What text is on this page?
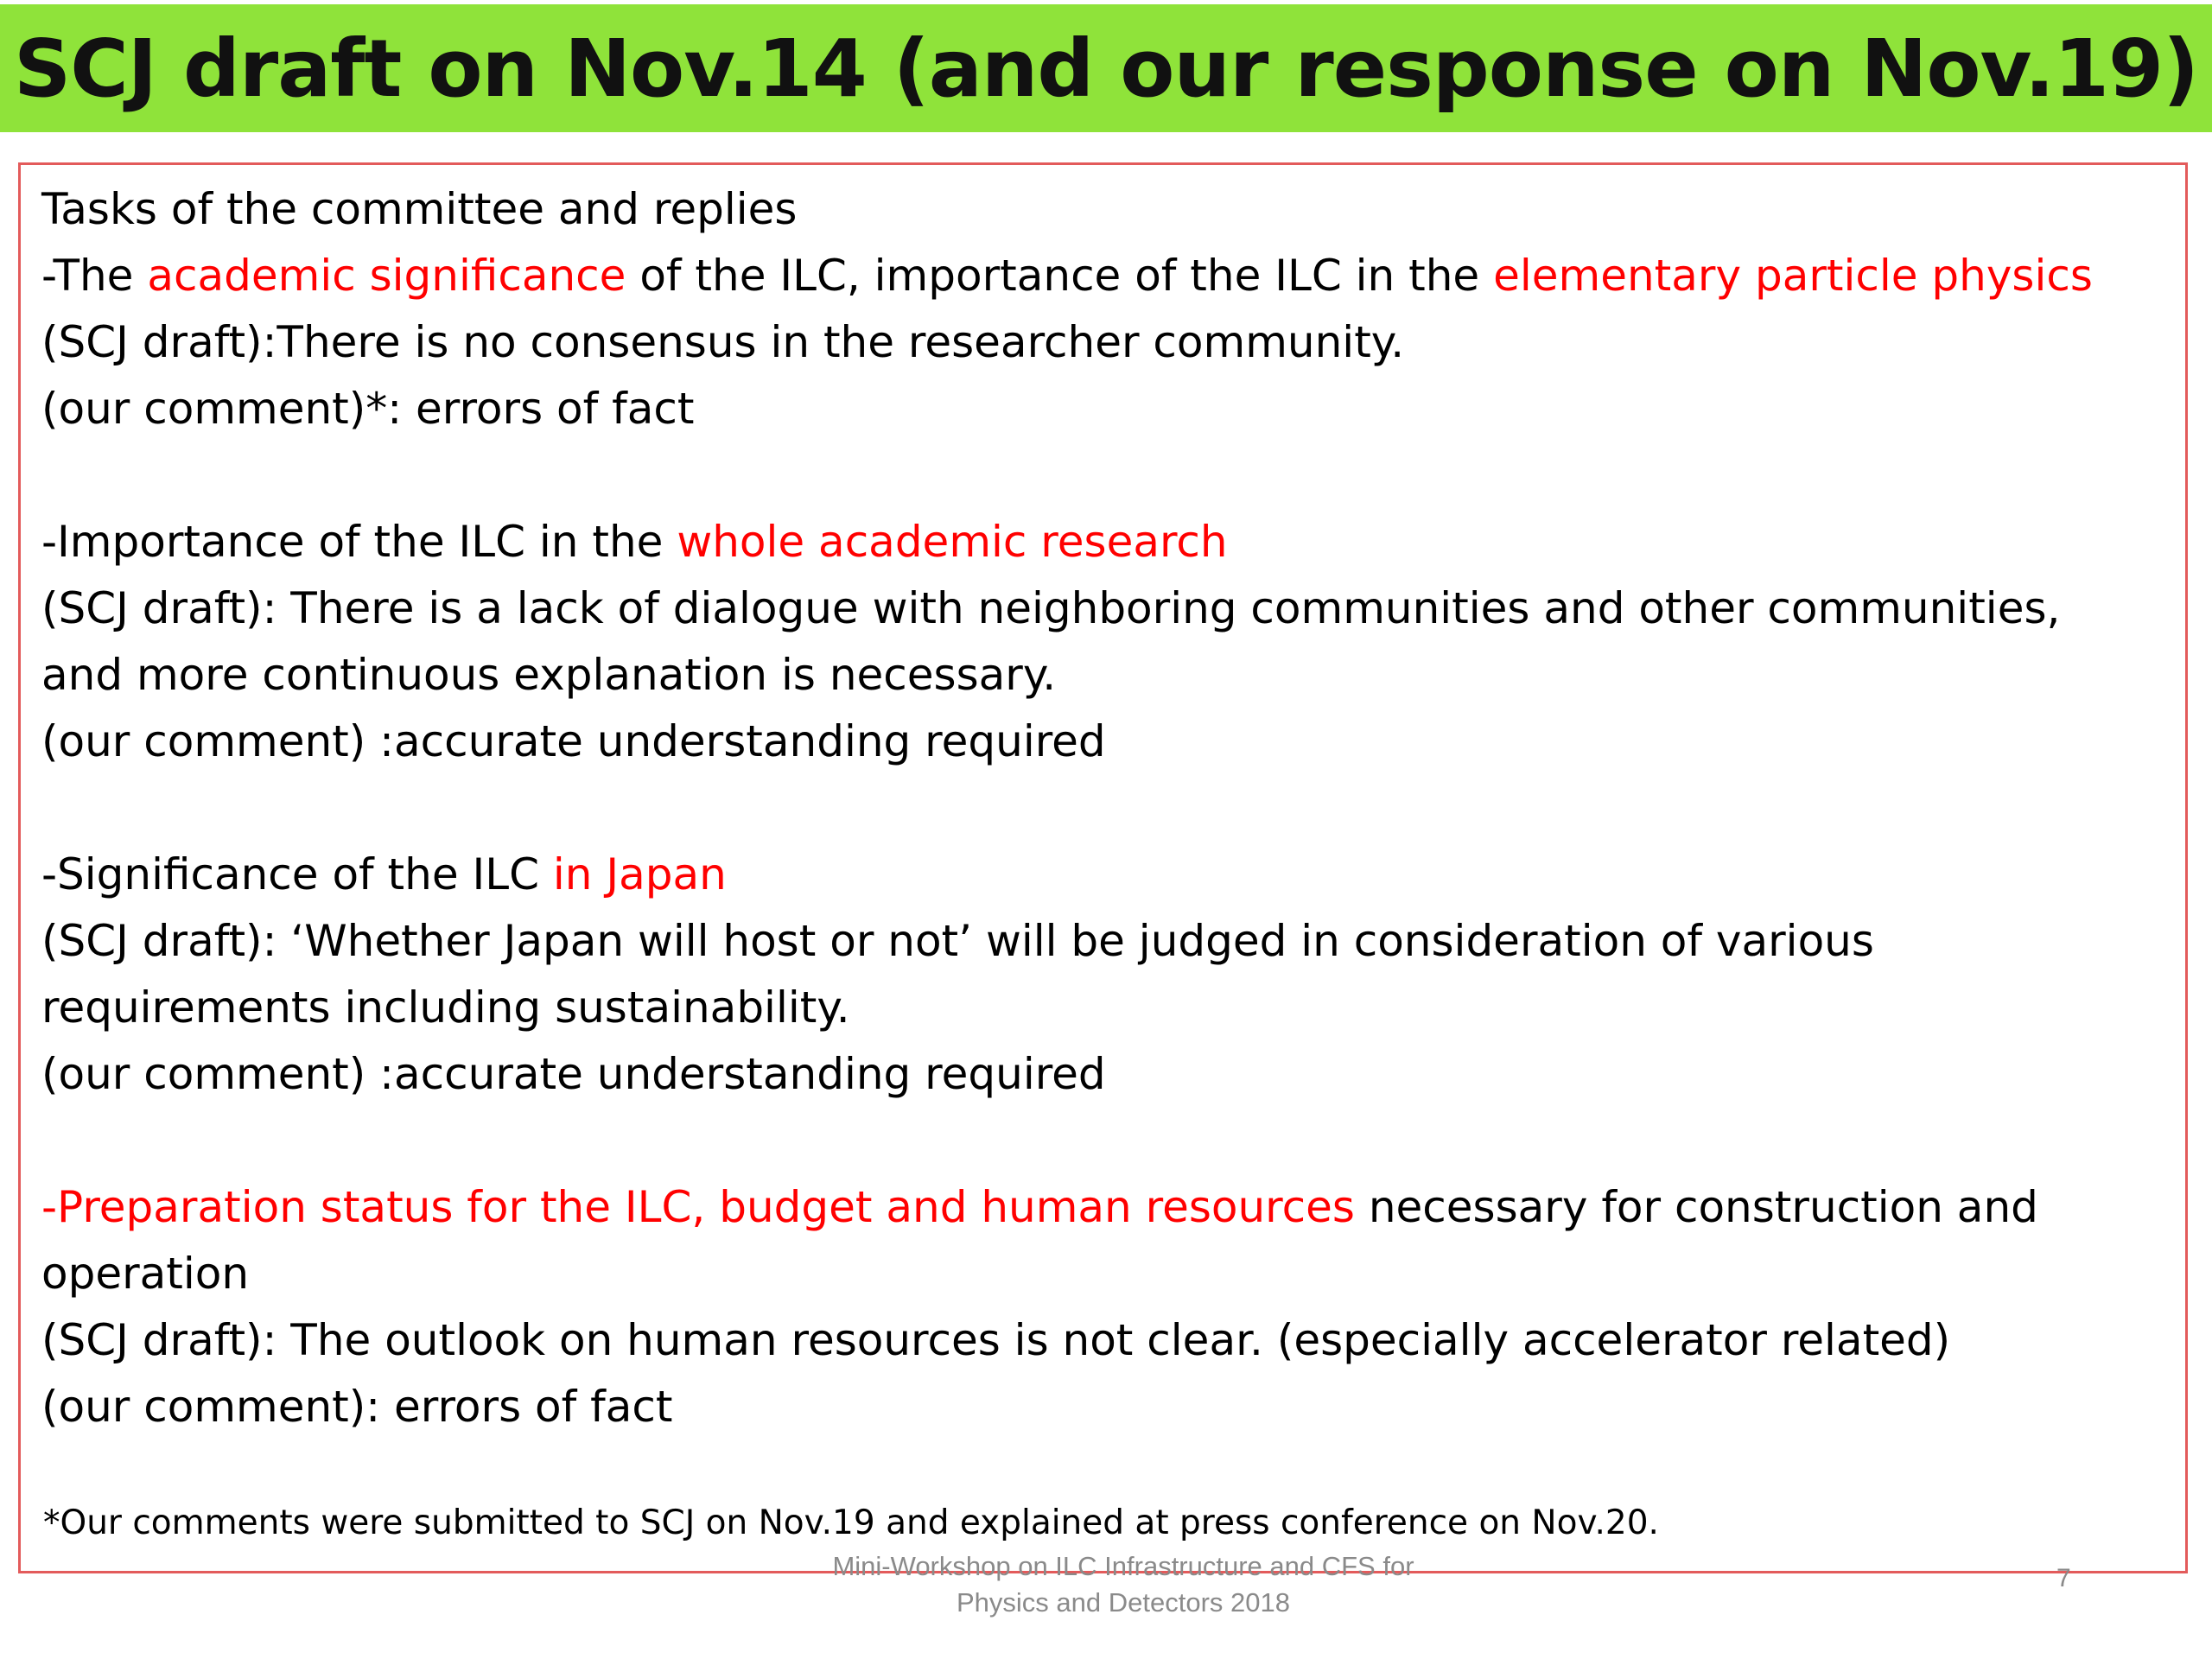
SCJ draft on Nov.14 (and our response on Nov.19)
Tasks of the committee and replies
-The academic significance of the ILC, importance of the ILC in the elementary particle physics
(SCJ draft):There is no consensus in the researcher community.
(our comment)*: errors of fact
-Importance of the ILC in the whole academic research
(SCJ draft): There is a lack of dialogue with neighboring communities and other communities,
and more continuous explanation is necessary.
(our comment) :accurate understanding required
-Significance of the ILC in Japan
(SCJ draft): ‘Whether Japan will host or not’ will be judged in consideration of various
requirements including sustainability.
(our comment) :accurate understanding required
-Preparation status for the ILC, budget and human resources necessary for construction and
operation
(SCJ draft): The outlook on human resources is not clear. (especially accelerator related)
(our comment): errors of fact
*Our comments were submitted to SCJ on Nov.19 and explained at press conference on Nov.20.
Mini-Workshop on ILC Infrastructure and CFS for
Physics and Detectors 2018
7
